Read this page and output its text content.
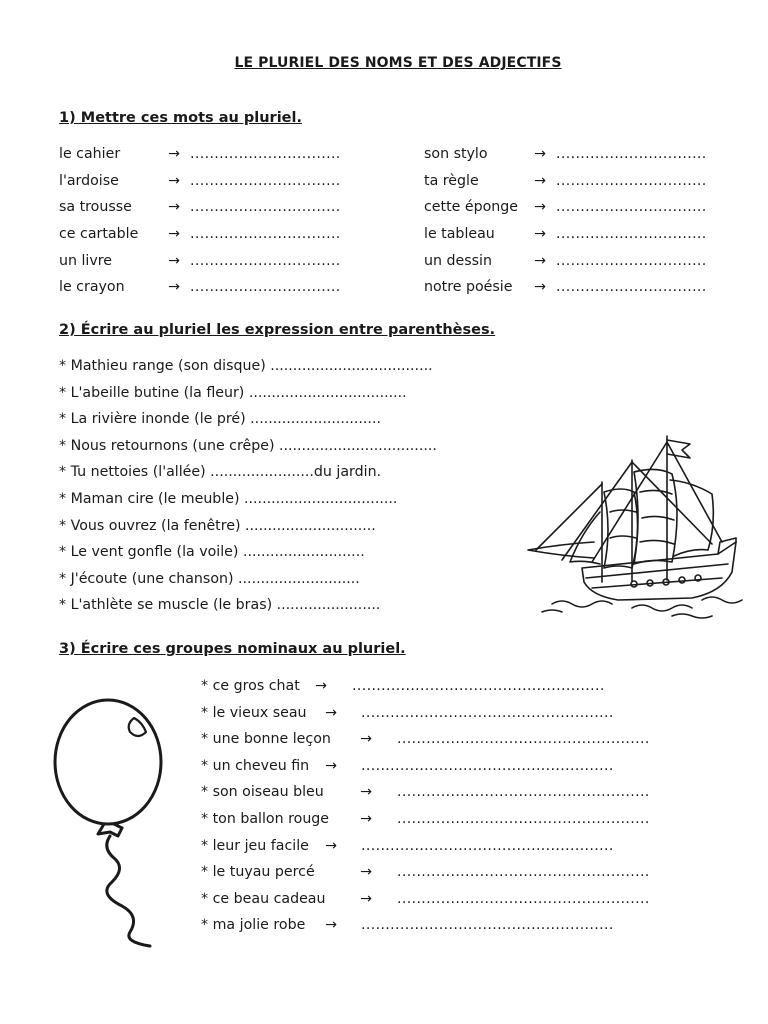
LE PLURIEL DES NOMS ET DES ADJECTIFS
1) Mettre ces mots au pluriel.
le cahier	→ ...............................
l'ardoise	→ ...............................
sa trousse	→ ...............................
ce cartable → ...............................
un livre	→ ...............................
le crayon	→ ...............................
son stylo	→ ...............................
ta règle	→ ...............................
cette éponge → ...............................
le tableau	→ ...............................
un dessin	→ ...............................
notre poésie → ...............................
2) Écrire au pluriel les expression entre parenthèses.
* Mathieu range (son disque) ....................................
* L'abeille butine (la fleur) ...................................
* La rivière inonde (le pré) .............................
* Nous retournons (une crêpe) ...................................
* Tu nettoies (l'allée) .......................du jardin.
* Maman cire (le meuble) ..................................
* Vous ouvrez (la fenêtre) .............................
* Le vent gonfle (la voile) ...........................
* J'écoute (une chanson) ...........................
* L'athlète se muscle (le bras) .......................
3) Écrire ces groupes nominaux au pluriel.
* ce gros chat → ....................................................
* le vieux seau → ....................................................
* une bonne leçon → ....................................................
* un cheveu fin → ....................................................
* son oiseau bleu	→ ....................................................
* ton ballon rouge → ....................................................
* leur jeu facile → ....................................................
* le tuyau percé	→ ....................................................
* ce beau cadeau → ....................................................
* ma jolie robe → ....................................................
